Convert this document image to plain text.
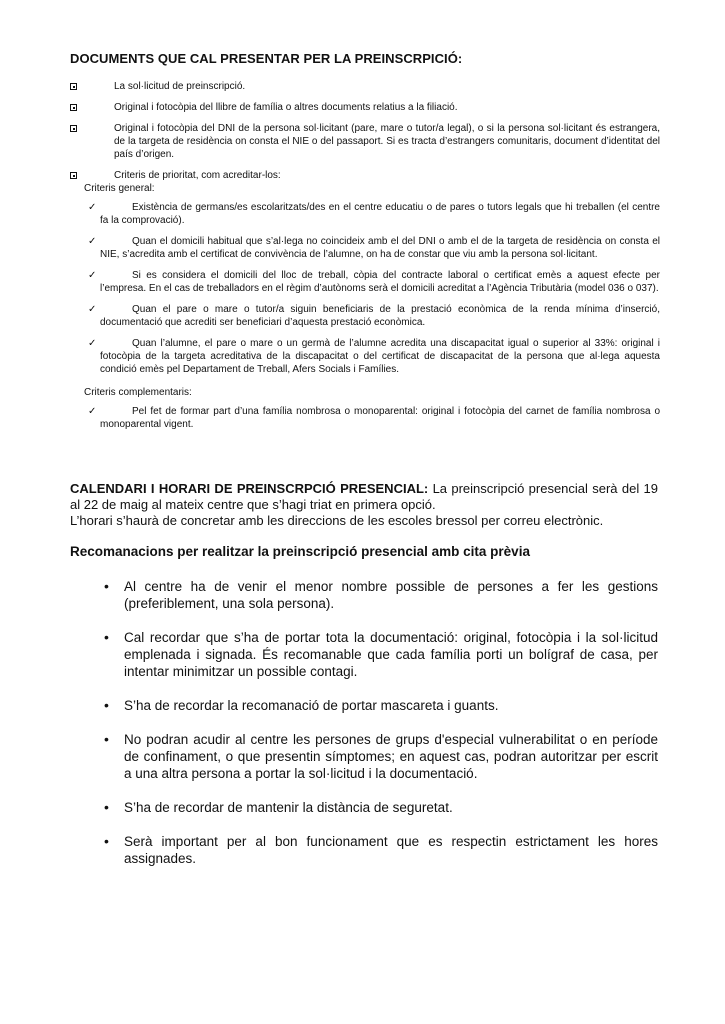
DOCUMENTS QUE CAL PRESENTAR PER LA PREINSCRPICIÓ:
La sol·licitud de preinscripció.
Original i fotocòpia del llibre de família o altres documents relatius a la filiació.
Original i fotocòpia del DNI de la persona sol·licitant (pare, mare o tutor/a legal), o si la persona sol·licitant és estrangera, de la targeta de residència on consta el NIE o del passaport. Si es tracta d’estrangers comunitaris, document d’identitat del país d’origen.
Criteris de prioritat, com acreditar-los:
Criteris general:
✓	Existència de germans/es escolaritzats/des en el centre educatiu o de pares o tutors legals que hi treballen (el centre fa la comprovació).
✓	Quan el domicili habitual que s’al·lega no coincideix amb el del DNI o amb el de la targeta de residència on consta el NIE, s’acredita amb el certificat de convivència de l’alumne, on ha de constar que viu amb la persona sol·licitant.
✓	Si es considera el domicili del lloc de treball, còpia del contracte laboral o certificat emès a aquest efecte per l’empresa. En el cas de treballadors en el règim d’autònoms serà el domicili acreditat a l’Agència Tributària (model 036 o 037).
✓	Quan el pare o mare o tutor/a siguin beneficiaris de la prestació econòmica de la renda mínima d’inserció, documentació que acrediti ser beneficiari d’aquesta prestació econòmica.
✓	Quan l’alumne, el pare o mare o un germà de l’alumne acredita una discapacitat igual o superior al 33%: original i fotocòpia de la targeta acreditativa de la discapacitat o del certificat de discapacitat de la persona que al·lega aquesta condició emès pel Departament de Treball, Afers Socials i Famílies.
Criteris complementaris:
✓	Pel fet de formar part d’una família nombrosa o monoparental: original i fotocòpia del carnet de família nombrosa o monoparental vigent.
CALENDARI I HORARI DE PREINSCRPCIÓ PRESENCIAL: La preinscripció presencial serà del 19 al 22 de maig al mateix centre que s’hagi triat en primera opció.
L’horari s’haurà de concretar amb les direccions de les escoles bressol per correu electrònic.
Recomanacions per realitzar la preinscripció presencial amb cita prèvia
• Al centre ha de venir el menor nombre possible de persones a fer les gestions (preferiblement, una sola persona).
• Cal recordar que s’ha de portar tota la documentació: original, fotocòpia i la sol·licitud emplenada i signada. És recomanable que cada família porti un bolígraf de casa, per intentar minimitzar un possible contagi.
• S’ha de recordar la recomanació de portar mascareta i guants.
• No podran acudir al centre les persones de grups d'especial vulnerabilitat o en període de confinament, o que presentin símptomes; en aquest cas, podran autoritzar per escrit a una altra persona a portar la sol·licitud i la documentació.
• S’ha de recordar de mantenir la distància de seguretat.
• Serà important per al bon funcionament que es respectin estrictament les hores assignades.
